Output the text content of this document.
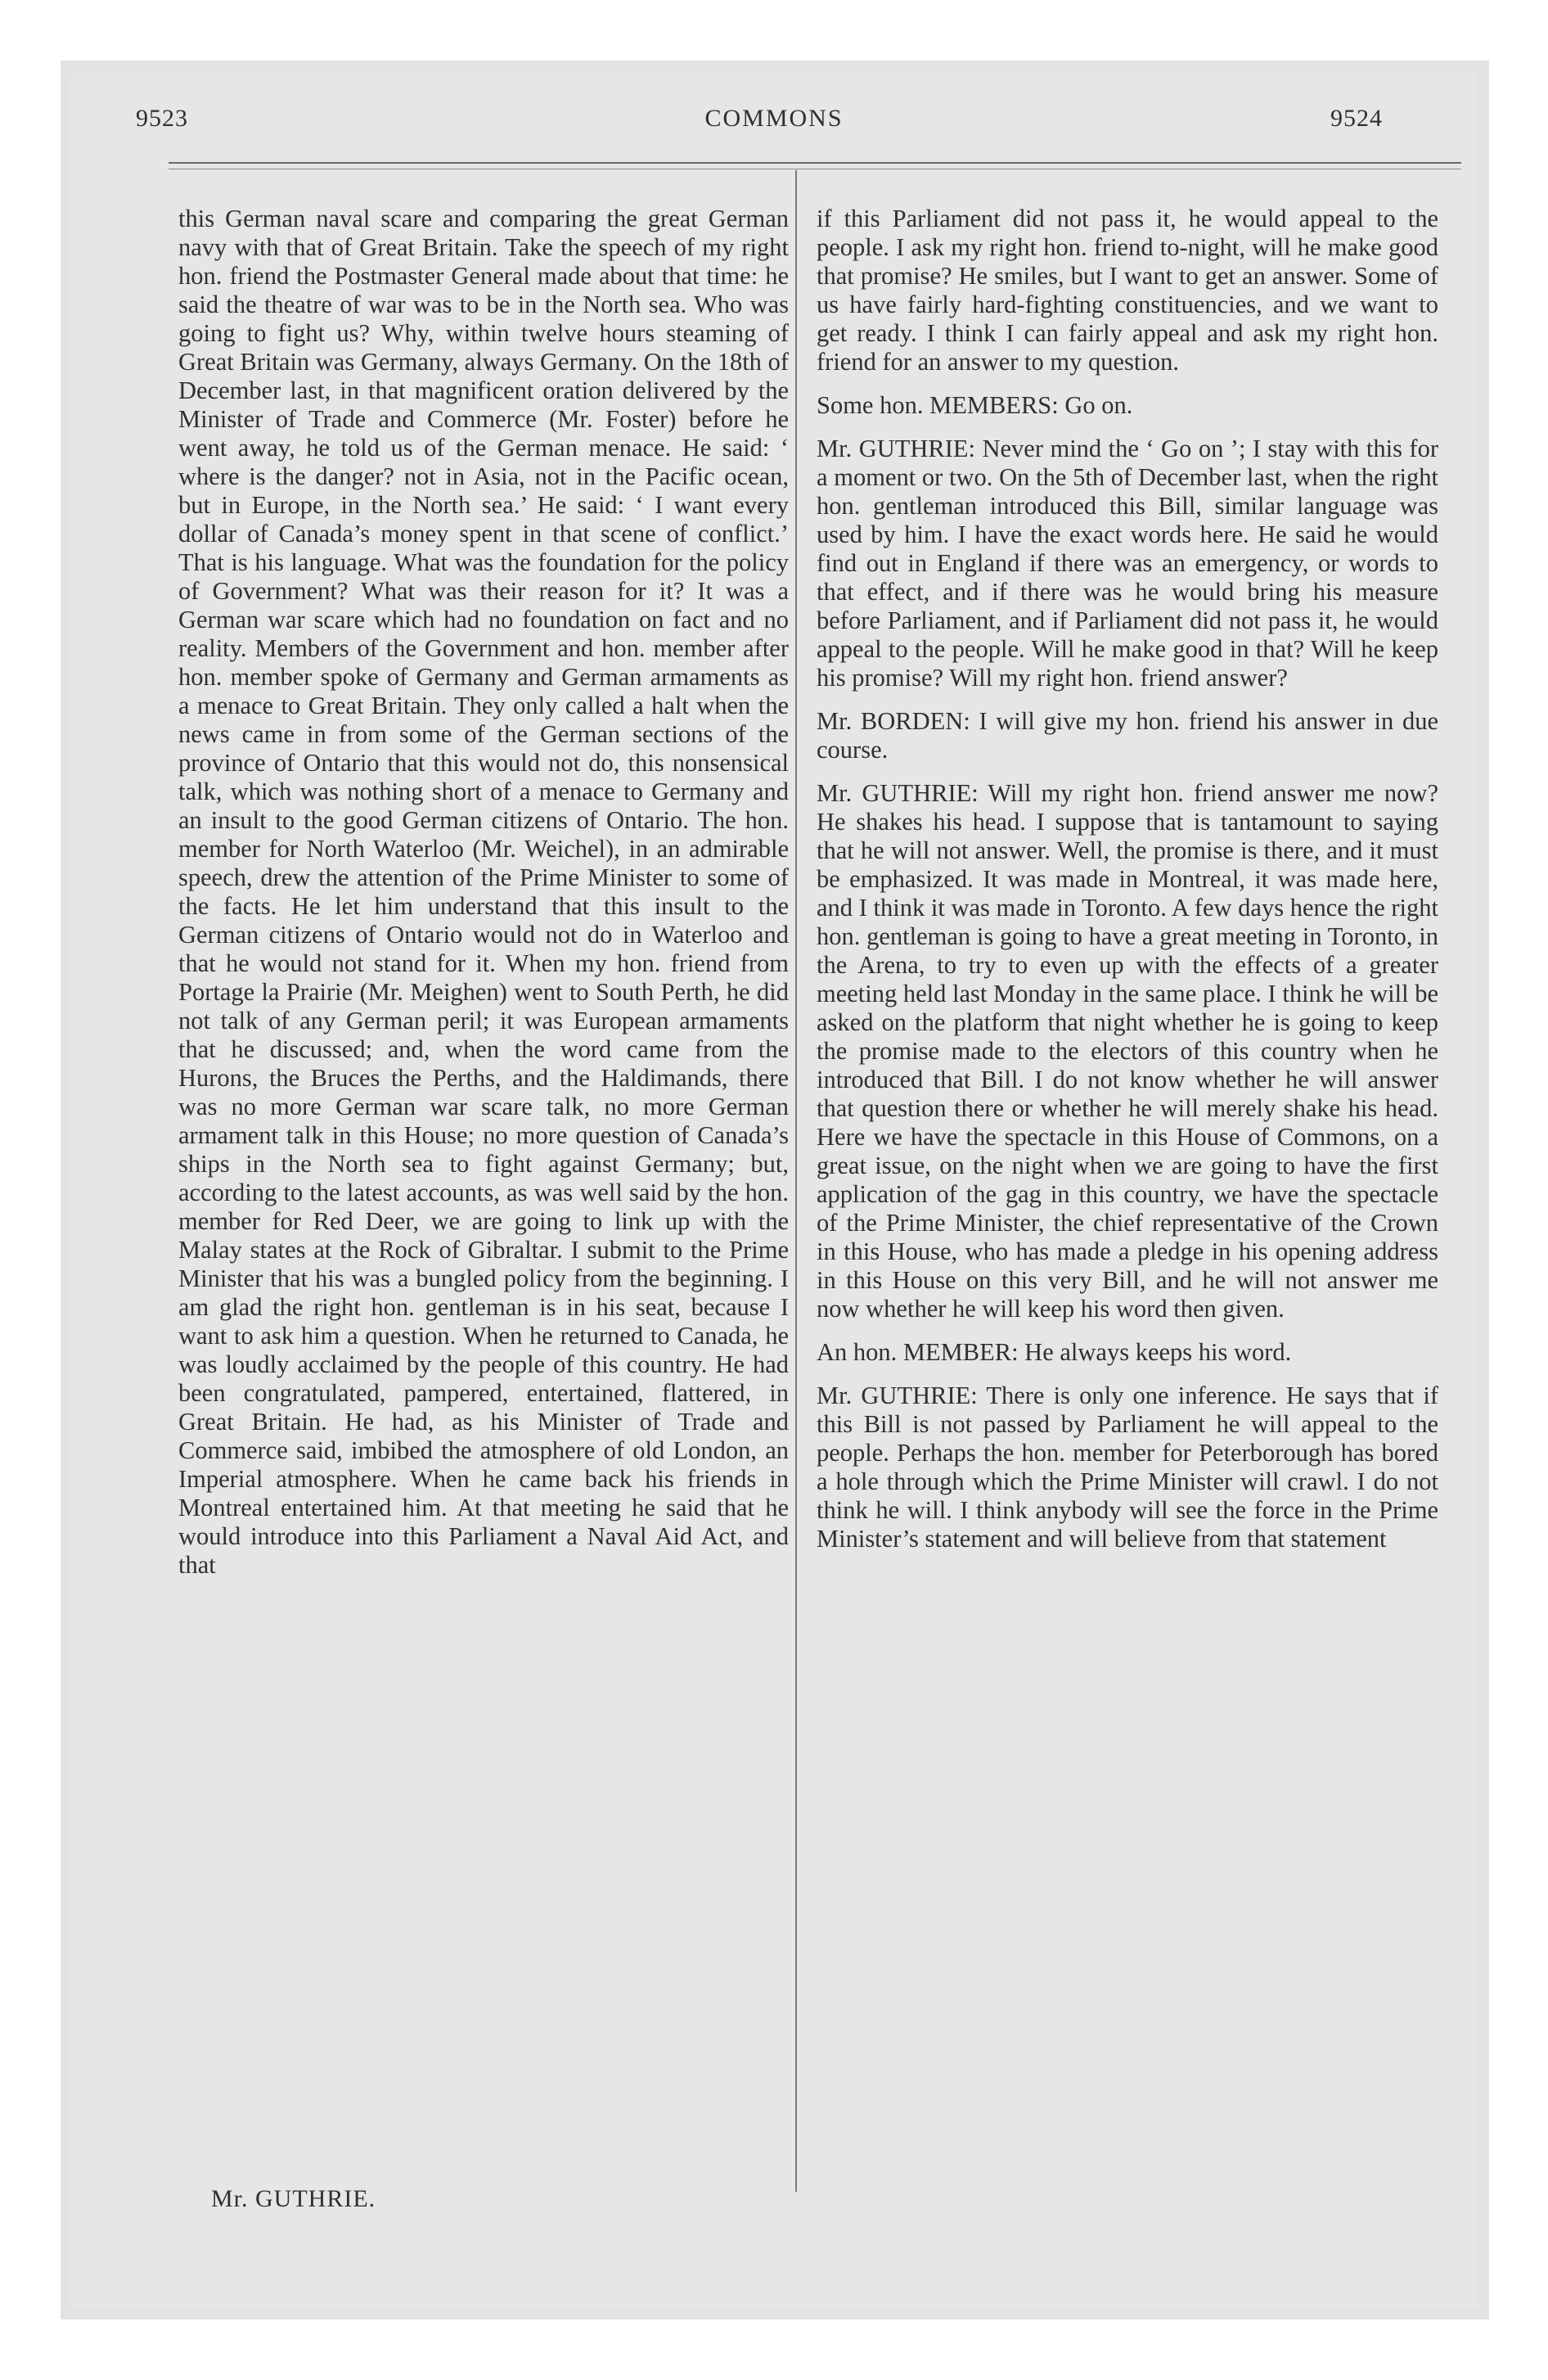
9523	COMMONS	9524

this German naval scare and comparing the great German navy with that of Great Britain. Take the speech of my right hon. friend the Postmaster General made about that time: he said the theatre of war was to be in the North sea. Who was going to fight us? Why, within twelve hours steaming of Great Britain was Germany, always Germany. On the 18th of December last, in that magnificent oration delivered by the Minister of Trade and Commerce (Mr. Foster) before he went away, he told us of the German menace. He said: ‘ where is the danger? not in Asia, not in the Pacific ocean, but in Europe, in the North sea.’ He said: ‘ I want every dollar of Canada’s money spent in that scene of conflict.’ That is his language. What was the foundation for the policy of Government? What was their reason for it? It was a German war scare which had no foundation on fact and no reality. Members of the Government and hon. member after hon. member spoke of Germany and German armaments as a menace to Great Britain. They only called a halt when the news came in from some of the German sections of the province of Ontario that this would not do, this nonsensical talk, which was nothing short of a menace to Germany and an insult to the good German citizens of Ontario. The hon. member for North Waterloo (Mr. Weichel), in an admirable speech, drew the attention of the Prime Minister to some of the facts. He let him understand that this insult to the German citizens of Ontario would not do in Waterloo and that he would not stand for it. When my hon. friend from Portage la Prairie (Mr. Meighen) went to South Perth, he did not talk of any German peril; it was European armaments that he discussed; and, when the word came from the Hurons, the Bruces the Perths, and the Haldimands, there was no more German war scare talk, no more German armament talk in this House; no more question of Canada’s ships in the North sea to fight against Germany; but, according to the latest accounts, as was well said by the hon. member for Red Deer, we are going to link up with the Malay states at the Rock of Gibraltar. I submit to the Prime Minister that his was a bungled policy from the beginning. I am glad the right hon. gentleman is in his seat, because I want to ask him a question. When he returned to Canada, he was loudly acclaimed by the people of this country. He had been congratulated, pampered, entertained, flattered, in Great Britain. He had, as his Minister of Trade and Commerce said, imbibed the atmosphere of old London, an Imperial atmosphere. When he came back his friends in Montreal entertained him. At that meeting he said that he would introduce into this Parliament a Naval Aid Act, and that

Mr. GUTHRIE.

if this Parliament did not pass it, he would appeal to the people. I ask my right hon. friend to-night, will he make good that promise? He smiles, but I want to get an answer. Some of us have fairly hard-fighting constituencies, and we want to get ready. I think I can fairly appeal and ask my right hon. friend for an answer to my question.

Some hon. MEMBERS: Go on.

Mr. GUTHRIE: Never mind the ‘ Go on ’; I stay with this for a moment or two. On the 5th of December last, when the right hon. gentleman introduced this Bill, similar language was used by him. I have the exact words here. He said he would find out in England if there was an emergency, or words to that effect, and if there was he would bring his measure before Parliament, and if Parliament did not pass it, he would appeal to the people. Will he make good in that? Will he keep his promise? Will my right hon. friend answer?

Mr. BORDEN: I will give my hon. friend his answer in due course.

Mr. GUTHRIE: Will my right hon. friend answer me now? He shakes his head. I suppose that is tantamount to saying that he will not answer. Well, the promise is there, and it must be emphasized. It was made in Montreal, it was made here, and I think it was made in Toronto. A few days hence the right hon. gentleman is going to have a great meeting in Toronto, in the Arena, to try to even up with the effects of a greater meeting held last Monday in the same place. I think he will be asked on the platform that night whether he is going to keep the promise made to the electors of this country when he introduced that Bill. I do not know whether he will answer that question there or whether he will merely shake his head. Here we have the spectacle in this House of Commons, on a great issue, on the night when we are going to have the first application of the gag in this country, we have the spectacle of the Prime Minister, the chief representative of the Crown in this House, who has made a pledge in his opening address in this House on this very Bill, and he will not answer me now whether he will keep his word then given.

An hon. MEMBER: He always keeps his word.

Mr. GUTHRIE: There is only one inference. He says that if this Bill is not passed by Parliament he will appeal to the people. Perhaps the hon. member for Peterborough has bored a hole through which the Prime Minister will crawl. I do not think he will. I think anybody will see the force in the Prime Minister’s statement and will believe from that statement
